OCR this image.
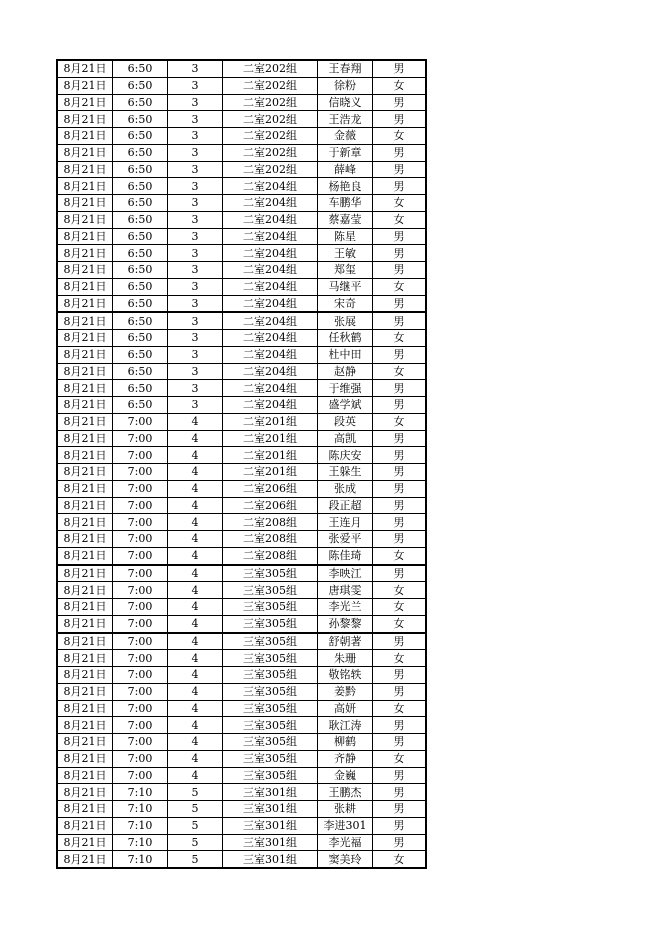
8月21日	6:50	3	二室202组	王春翔	男
8月21日	6:50	3	二室202组	徐粉	女
8月21日	6:50	3	二室202组	信晓义	男
8月21日	6:50	3	二室202组	王浩龙	男
8月21日	6:50	3	二室202组	金薇	女
8月21日	6:50	3	二室202组	于新章	男
8月21日	6:50	3	二室202组	薛峰	男
8月21日	6:50	3	二室204组	杨艳良	男
8月21日	6:50	3	二室204组	车鹏华	女
8月21日	6:50	3	二室204组	蔡嘉莹	女
8月21日	6:50	3	二室204组	陈星	男
8月21日	6:50	3	二室204组	王敏	男
8月21日	6:50	3	二室204组	郑玺	男
8月21日	6:50	3	二室204组	马继平	女
8月21日	6:50	3	二室204组	宋奇	男
8月21日	6:50	3	二室204组	张展	男
8月21日	6:50	3	二室204组	任秋鹤	女
8月21日	6:50	3	二室204组	杜中田	男
8月21日	6:50	3	二室204组	赵静	女
8月21日	6:50	3	二室204组	于维强	男
8月21日	6:50	3	二室204组	盛学斌	男
8月21日	7:00	4	二室201组	段英	女
8月21日	7:00	4	二室201组	高凯	男
8月21日	7:00	4	二室201组	陈庆安	男
8月21日	7:00	4	二室201组	王躲生	男
8月21日	7:00	4	二室206组	张成	男
8月21日	7:00	4	二室206组	段正超	男
8月21日	7:00	4	二室208组	王连月	男
8月21日	7:00	4	二室208组	张爱平	男
8月21日	7:00	4	二室208组	陈佳琦	女
8月21日	7:00	4	三室305组	李映江	男
8月21日	7:00	4	三室305组	唐琪雯	女
8月21日	7:00	4	三室305组	李光兰	女
8月21日	7:00	4	三室305组	孙黎黎	女
8月21日	7:00	4	三室305组	舒朝著	男
8月21日	7:00	4	三室305组	朱珊	女
8月21日	7:00	4	三室305组	敬铭轶	男
8月21日	7:00	4	三室305组	姜黔	男
8月21日	7:00	4	三室305组	高妍	女
8月21日	7:00	4	三室305组	耿江涛	男
8月21日	7:00	4	三室305组	柳鹤	男
8月21日	7:00	4	三室305组	齐静	女
8月21日	7:00	4	三室305组	金巍	男
8月21日	7:10	5	三室301组	王鹏杰	男
8月21日	7:10	5	三室301组	张耕	男
8月21日	7:10	5	三室301组	李进301	男
8月21日	7:10	5	三室301组	李光福	男
8月21日	7:10	5	三室301组	窦美玲	女
